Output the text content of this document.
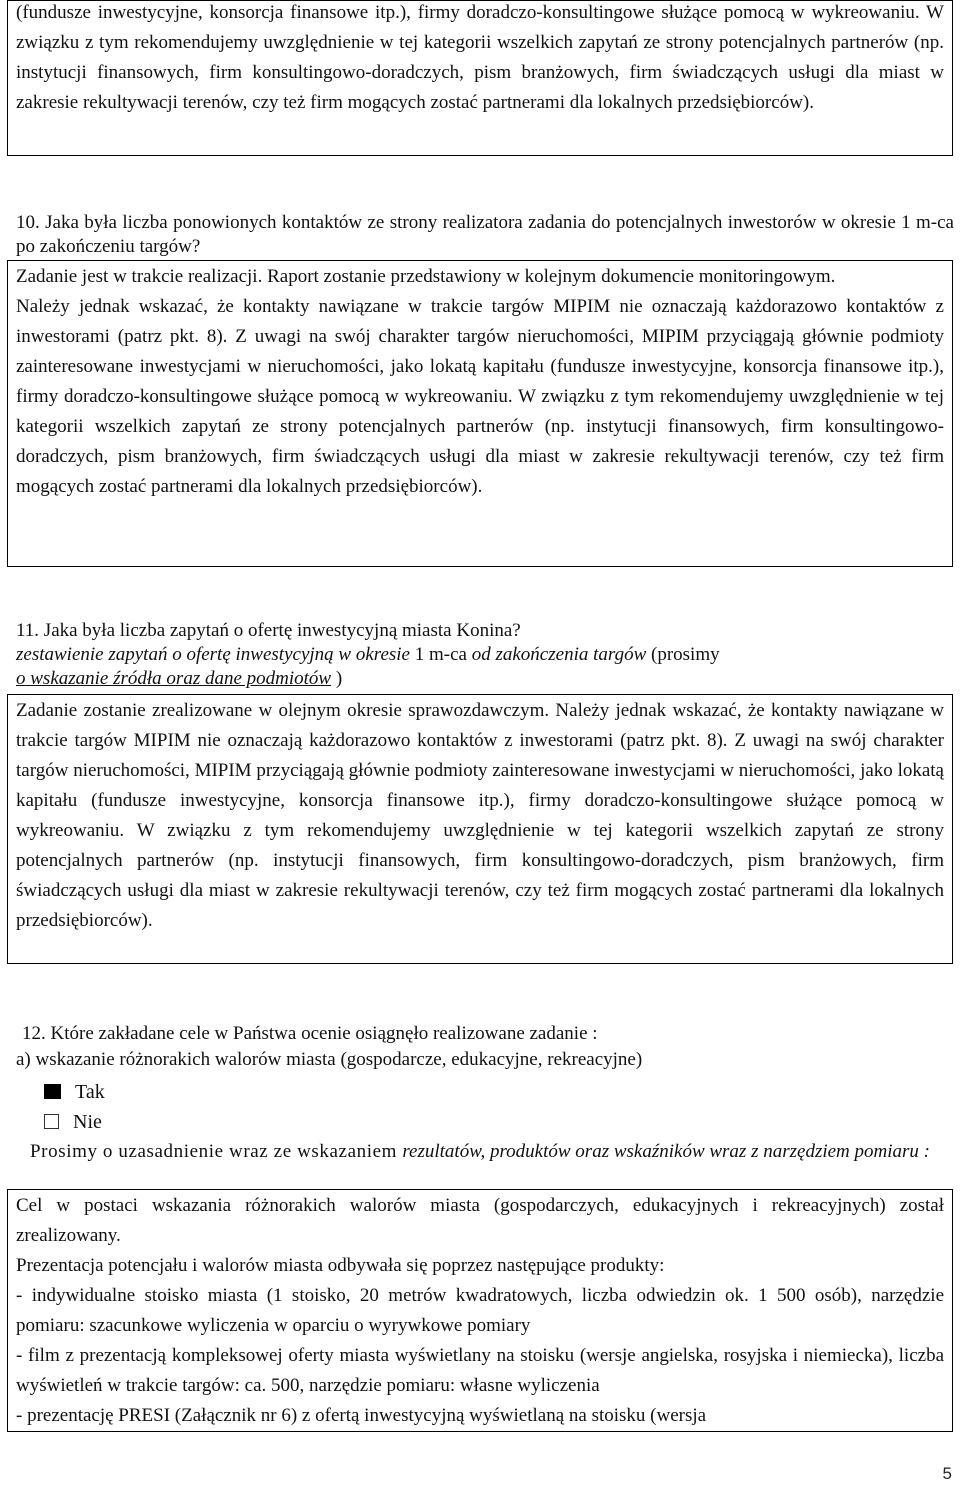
(fundusze inwestycyjne, konsorcja finansowe itp.), firmy doradczo-konsultingowe służące pomocą w wykreowaniu. W związku z tym rekomendujemy uwzględnienie w tej kategorii wszelkich zapytań ze strony potencjalnych partnerów (np. instytucji finansowych, firm konsultingowo-doradczych, pism branżowych, firm świadczących usługi dla miast w zakresie rekultywacji terenów, czy też firm mogących zostać partnerami dla lokalnych przedsiębiorców).
10. Jaka była liczba ponowionych kontaktów ze strony realizatora zadania do potencjalnych inwestorów w okresie 1 m-ca po zakończeniu targów?
Zadanie jest w trakcie realizacji. Raport zostanie przedstawiony w kolejnym dokumencie monitoringowym.
Należy jednak wskazać, że kontakty nawiązane w trakcie targów MIPIM nie oznaczają każdorazowo kontaktów z inwestorami (patrz pkt. 8). Z uwagi na swój charakter targów nieruchomości, MIPIM przyciągają głównie podmioty zainteresowane inwestycjami w nieruchomości, jako lokatą kapitału (fundusze inwestycyjne, konsorcja finansowe itp.), firmy doradczo-konsultingowe służące pomocą w wykreowaniu. W związku z tym rekomendujemy uwzględnienie w tej kategorii wszelkich zapytań ze strony potencjalnych partnerów (np. instytucji finansowych, firm konsultingowo-doradczych, pism branżowych, firm świadczących usługi dla miast w zakresie rekultywacji terenów, czy też firm mogących zostać partnerami dla lokalnych przedsiębiorców).
11. Jaka była liczba zapytań o ofertę inwestycyjną miasta Konina?
zestawienie zapytań o ofertę inwestycyjną w okresie 1 m-ca od zakończenia targów (prosimy
o wskazanie źródła oraz dane podmiotów )
Zadanie zostanie zrealizowane w olejnym okresie sprawozdawczym. Należy jednak wskazać, że kontakty nawiązane w trakcie targów MIPIM nie oznaczają każdorazowo kontaktów z inwestorami (patrz pkt. 8). Z uwagi na swój charakter targów nieruchomości, MIPIM przyciągają głównie podmioty zainteresowane inwestycjami w nieruchomości, jako lokatą kapitału (fundusze inwestycyjne, konsorcja finansowe itp.), firmy doradczo-konsultingowe służące pomocą w wykreowaniu. W związku z tym rekomendujemy uwzględnienie w tej kategorii wszelkich zapytań ze strony potencjalnych partnerów (np. instytucji finansowych, firm konsultingowo-doradczych, pism branżowych, firm świadczących usługi dla miast w zakresie rekultywacji terenów, czy też firm mogących zostać partnerami dla lokalnych przedsiębiorców).
12. Które zakładane cele w Państwa ocenie osiągnęło realizowane zadanie :
a) wskazanie różnorakich walorów miasta (gospodarcze, edukacyjne, rekreacyjne)
Tak
Nie
Prosimy o uzasadnienie wraz ze wskazaniem rezultatów, produktów oraz wskaźników wraz z narzędziem pomiaru :
Cel w postaci wskazania różnorakich walorów miasta (gospodarczych, edukacyjnych i rekreacyjnych) został zrealizowany.
Prezentacja potencjału i walorów miasta odbywała się poprzez następujące produkty:
- indywidualne stoisko miasta (1 stoisko, 20 metrów kwadratowych, liczba odwiedzin ok. 1 500 osób), narzędzie pomiaru: szacunkowe wyliczenia w oparciu o wyrywkowe pomiary
- film z prezentacją kompleksowej oferty miasta wyświetlany na stoisku (wersje angielska, rosyjska i niemiecka), liczba wyświetleń w trakcie targów: ca. 500, narzędzie pomiaru: własne wyliczenia
- prezentację PRESI (Załącznik nr 6) z ofertą inwestycyjną wyświetlaną na stoisku (wersja
5
